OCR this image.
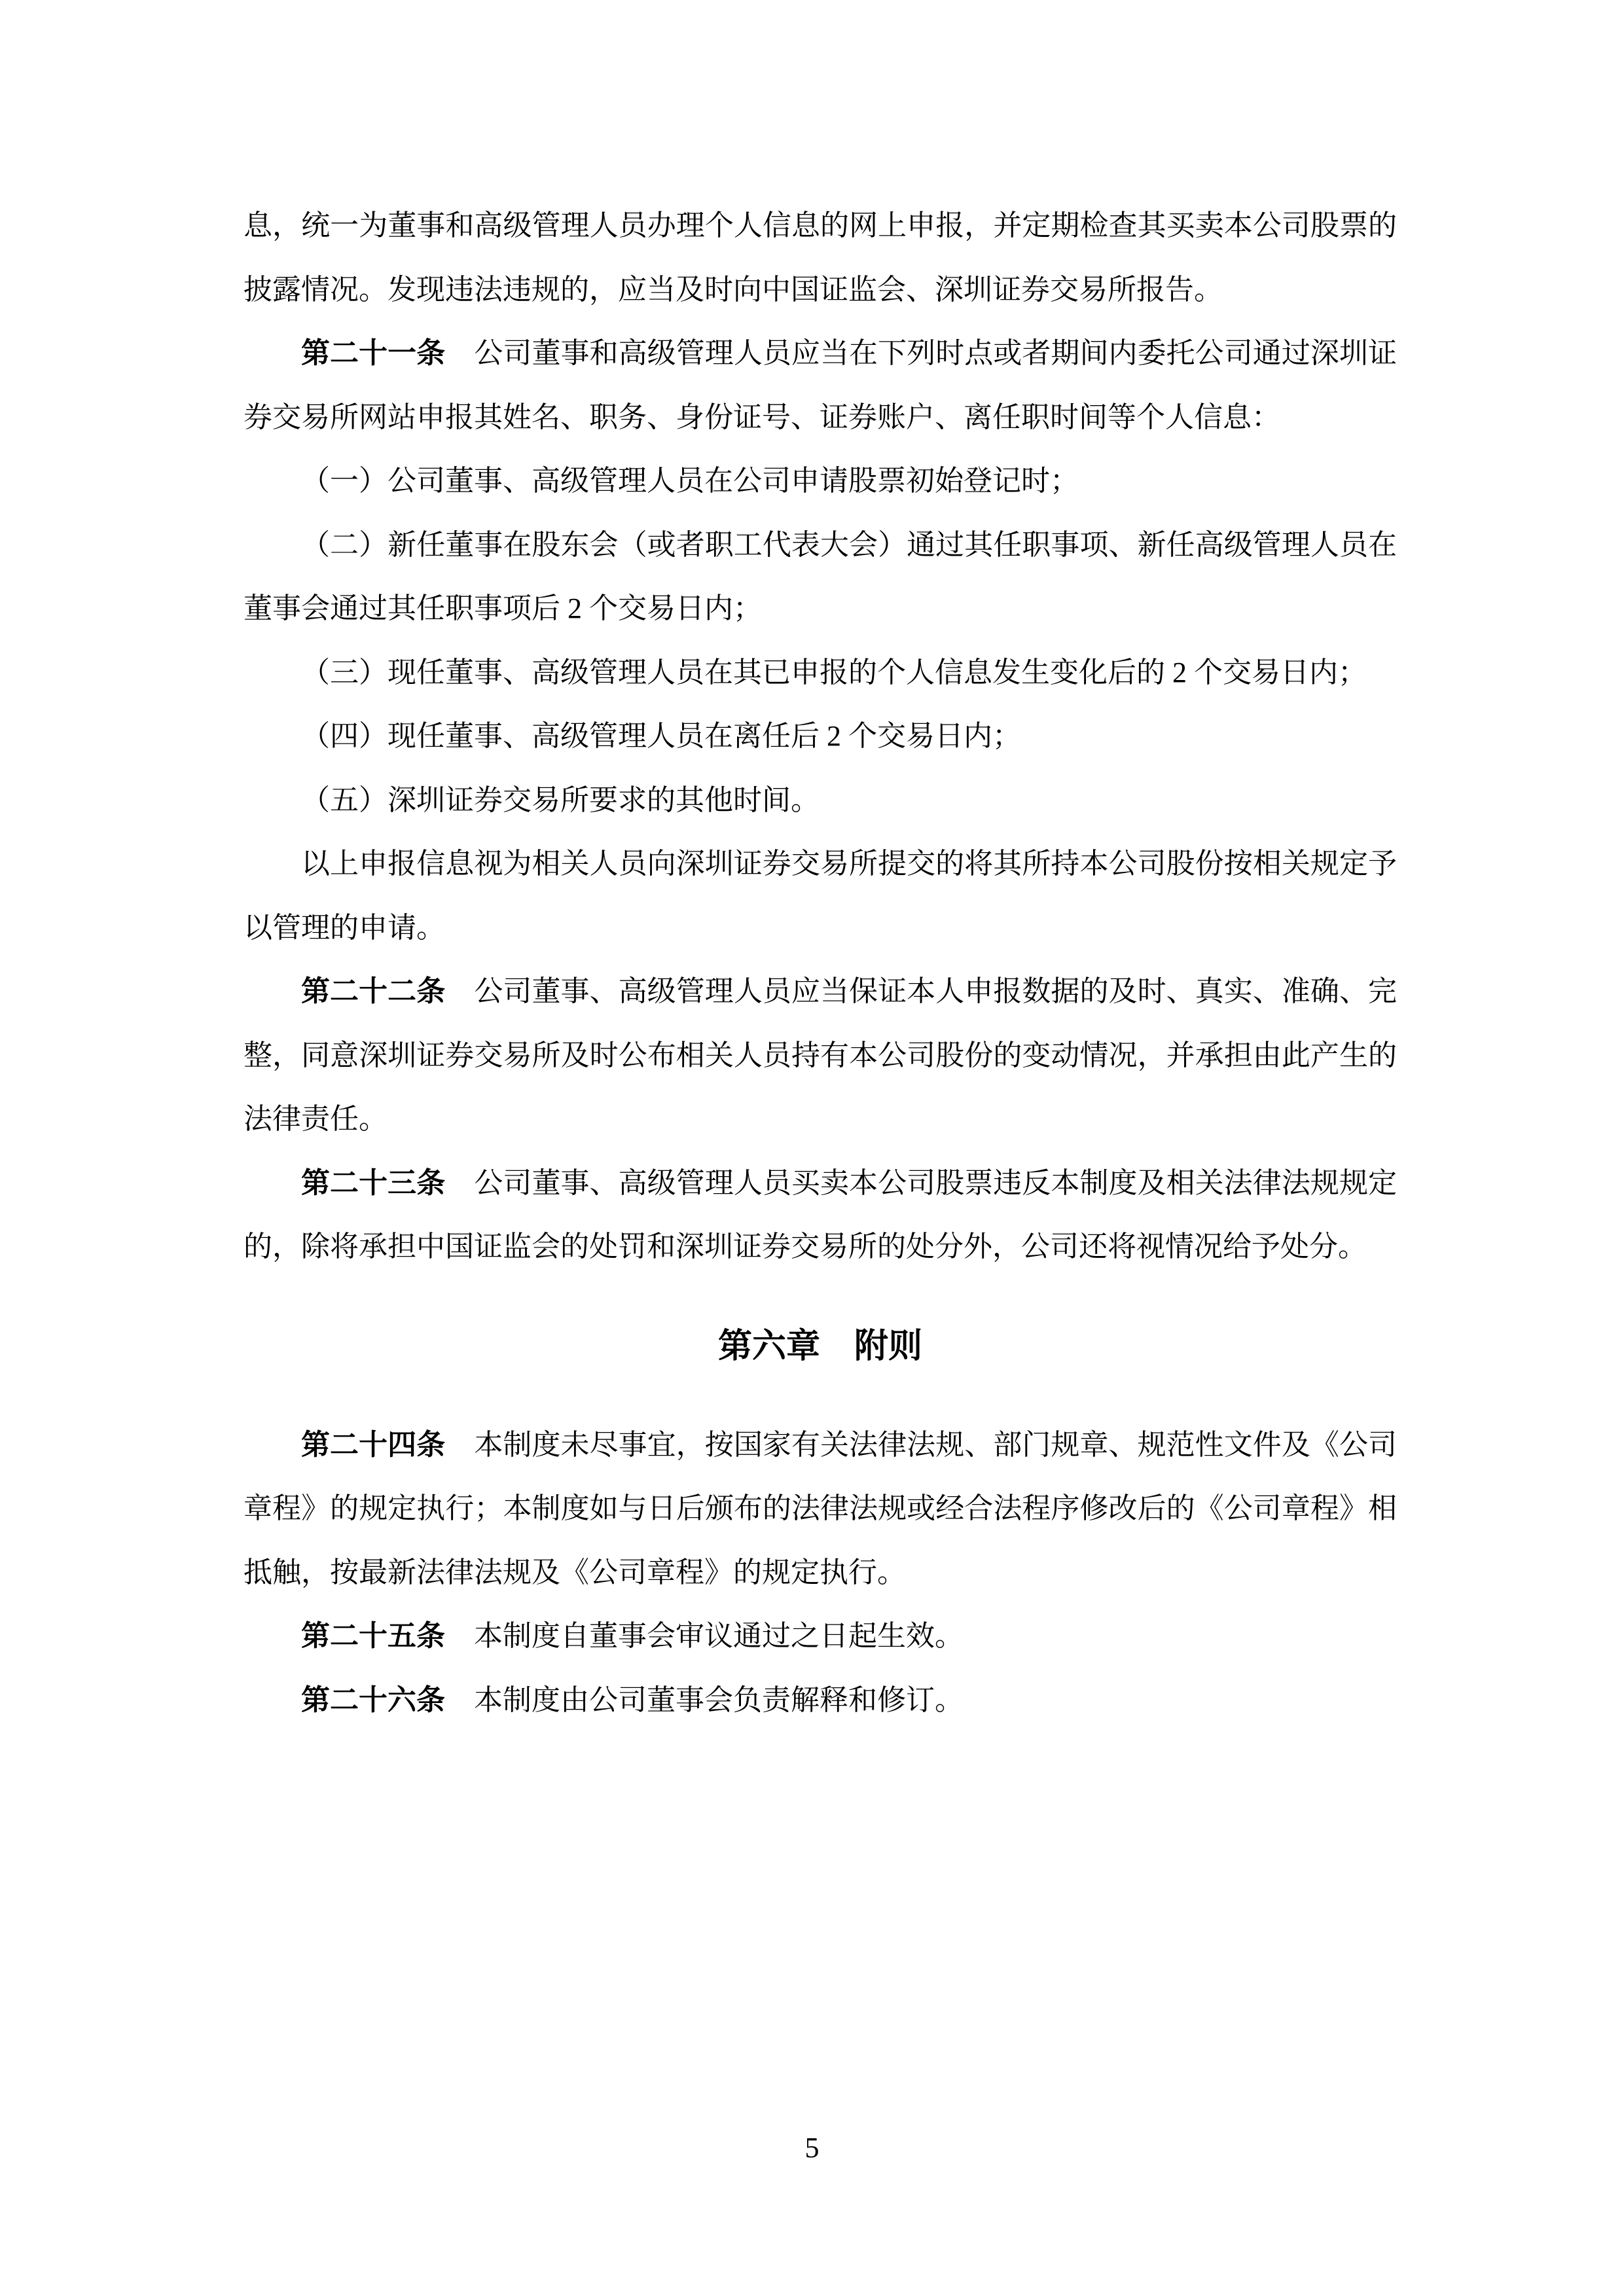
息，统一为董事和高级管理人员办理个人信息的网上申报，并定期检查其买卖本公司股票的披露情况。发现违法违规的，应当及时向中国证监会、深圳证券交易所报告。

第二十一条　公司董事和高级管理人员应当在下列时点或者期间内委托公司通过深圳证券交易所网站申报其姓名、职务、身份证号、证券账户、离任职时间等个人信息：

（一）公司董事、高级管理人员在公司申请股票初始登记时；

（二）新任董事在股东会（或者职工代表大会）通过其任职事项、新任高级管理人员在董事会通过其任职事项后 2 个交易日内；

（三）现任董事、高级管理人员在其已申报的个人信息发生变化后的 2 个交易日内；

（四）现任董事、高级管理人员在离任后 2 个交易日内；

（五）深圳证券交易所要求的其他时间。

以上申报信息视为相关人员向深圳证券交易所提交的将其所持本公司股份按相关规定予以管理的申请。

第二十二条　公司董事、高级管理人员应当保证本人申报数据的及时、真实、准确、完整，同意深圳证券交易所及时公布相关人员持有本公司股份的变动情况，并承担由此产生的法律责任。

第二十三条　公司董事、高级管理人员买卖本公司股票违反本制度及相关法律法规规定的，除将承担中国证监会的处罚和深圳证券交易所的处分外，公司还将视情况给予处分。

第六章　附则

第二十四条　本制度未尽事宜，按国家有关法律法规、部门规章、规范性文件及《公司章程》的规定执行；本制度如与日后颁布的法律法规或经合法程序修改后的《公司章程》相抵触，按最新法律法规及《公司章程》的规定执行。

第二十五条　本制度自董事会审议通过之日起生效。

第二十六条　本制度由公司董事会负责解释和修订。

5
